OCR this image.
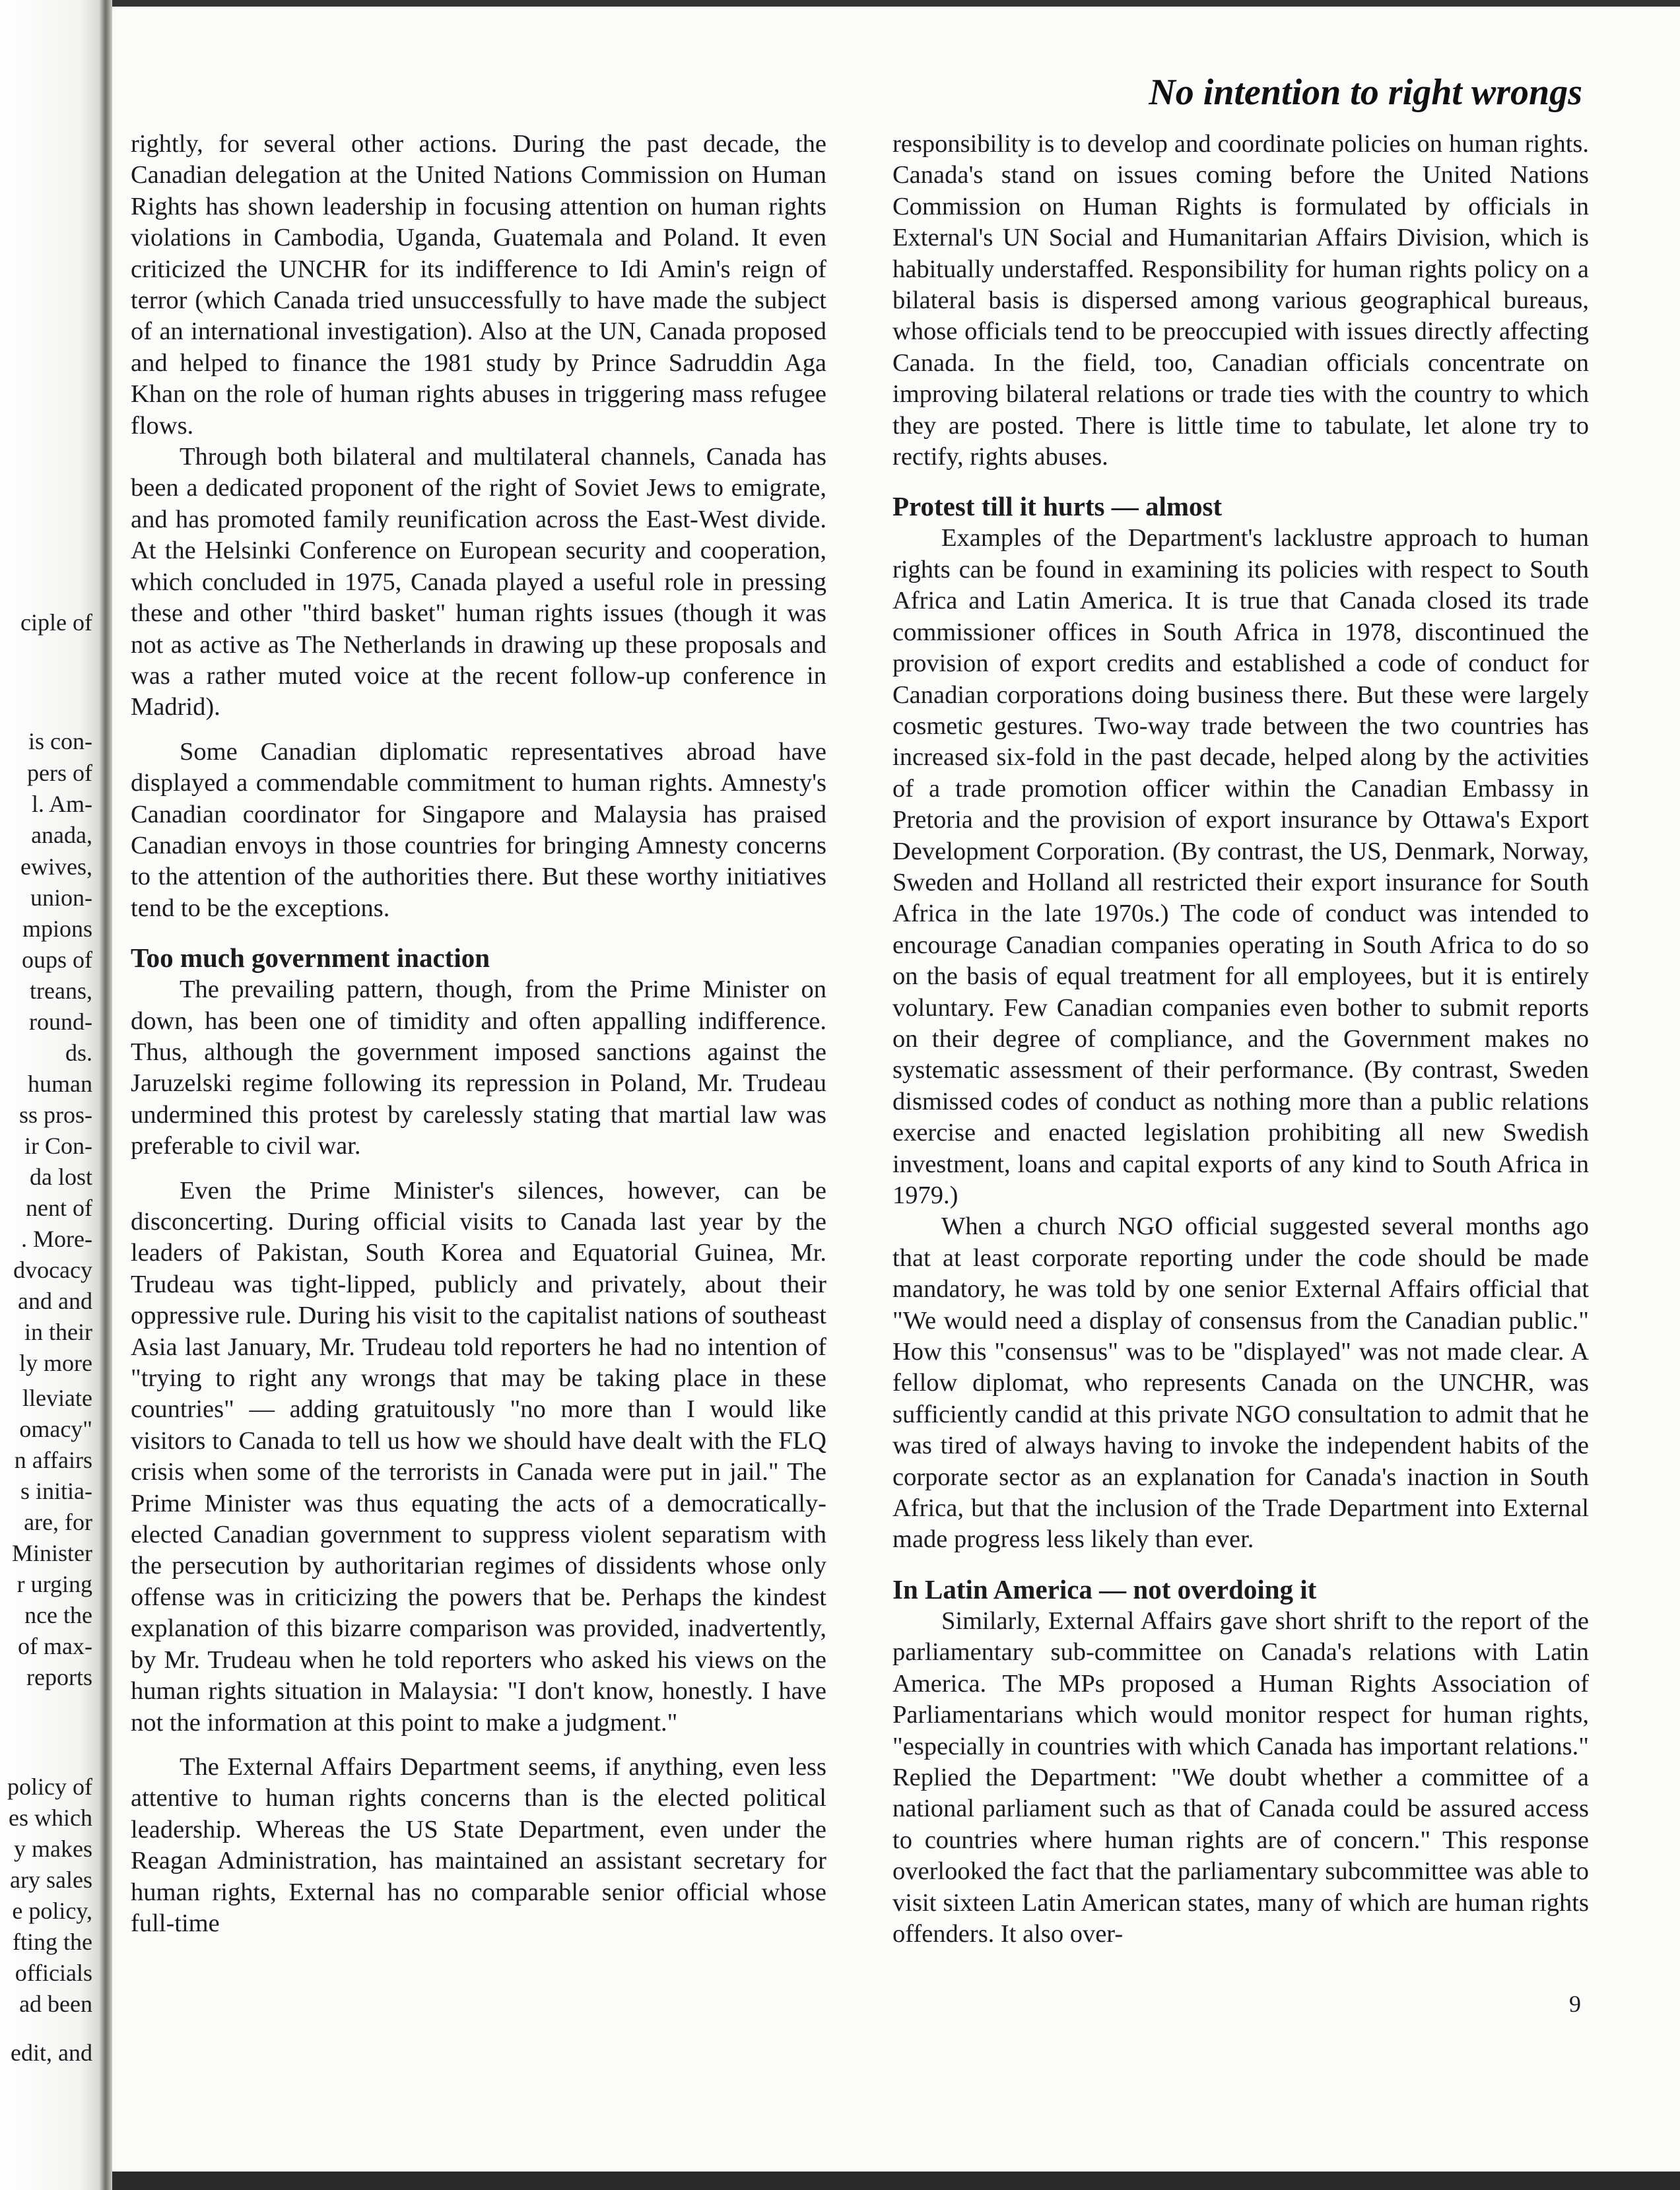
ciple of
is con-
pers of
l. Am-
anada,
ewives,
union-
mpions
oups of
treans,
round-
ds.
human
ss pros-
ir Con-
da lost
nent of
. More-
dvocacy
and and
in their
ly more
lleviate
omacy"
n affairs
s initia-
are, for
Minister
r urging
nce the
of max-
reports
policy of
es which
y makes
ary sales
e policy,
fting the
officials
ad been
edit, and
No intention to right wrongs

rightly, for several other actions. During the past decade, the Canadian delegation at the United Nations Commission on Human Rights has shown leadership in focusing attention on human rights violations in Cambodia, Uganda, Guatemala and Poland. It even criticized the UNCHR for its indifference to Idi Amin's reign of terror (which Canada tried unsuccessfully to have made the subject of an international investigation). Also at the UN, Canada proposed and helped to finance the 1981 study by Prince Sadruddin Aga Khan on the role of human rights abuses in triggering mass refugee flows.

Through both bilateral and multilateral channels, Canada has been a dedicated proponent of the right of Soviet Jews to emigrate, and has promoted family reunification across the East-West divide. At the Helsinki Conference on European security and cooperation, which concluded in 1975, Canada played a useful role in pressing these and other "third basket" human rights issues (though it was not as active as The Netherlands in drawing up these proposals and was a rather muted voice at the recent follow-up conference in Madrid).

Some Canadian diplomatic representatives abroad have displayed a commendable commitment to human rights. Amnesty's Canadian coordinator for Singapore and Malaysia has praised Canadian envoys in those countries for bringing Amnesty concerns to the attention of the authorities there. But these worthy initiatives tend to be the exceptions.

Too much government inaction

The prevailing pattern, though, from the Prime Minister on down, has been one of timidity and often appalling indifference. Thus, although the government imposed sanctions against the Jaruzelski regime following its repression in Poland, Mr. Trudeau undermined this protest by carelessly stating that martial law was preferable to civil war.

Even the Prime Minister's silences, however, can be disconcerting. During official visits to Canada last year by the leaders of Pakistan, South Korea and Equatorial Guinea, Mr. Trudeau was tight-lipped, publicly and privately, about their oppressive rule. During his visit to the capitalist nations of southeast Asia last January, Mr. Trudeau told reporters he had no intention of "trying to right any wrongs that may be taking place in these countries" — adding gratuitously "no more than I would like visitors to Canada to tell us how we should have dealt with the FLQ crisis when some of the terrorists in Canada were put in jail." The Prime Minister was thus equating the acts of a democratically-elected Canadian government to suppress violent separatism with the persecution by authoritarian regimes of dissidents whose only offense was in criticizing the powers that be. Perhaps the kindest explanation of this bizarre comparison was provided, inadvertently, by Mr. Trudeau when he told reporters who asked his views on the human rights situation in Malaysia: "I don't know, honestly. I have not the information at this point to make a judgment."

The External Affairs Department seems, if anything, even less attentive to human rights concerns than is the elected political leadership. Whereas the US State Department, even under the Reagan Administration, has maintained an assistant secretary for human rights, External has no comparable senior official whose full-time

responsibility is to develop and coordinate policies on human rights. Canada's stand on issues coming before the United Nations Commission on Human Rights is formulated by officials in External's UN Social and Humanitarian Affairs Division, which is habitually understaffed. Responsibility for human rights policy on a bilateral basis is dispersed among various geographical bureaus, whose officials tend to be preoccupied with issues directly affecting Canada. In the field, too, Canadian officials concentrate on improving bilateral relations or trade ties with the country to which they are posted. There is little time to tabulate, let alone try to rectify, rights abuses.

Protest till it hurts — almost

Examples of the Department's lacklustre approach to human rights can be found in examining its policies with respect to South Africa and Latin America. It is true that Canada closed its trade commissioner offices in South Africa in 1978, discontinued the provision of export credits and established a code of conduct for Canadian corporations doing business there. But these were largely cosmetic gestures. Two-way trade between the two countries has increased six-fold in the past decade, helped along by the activities of a trade promotion officer within the Canadian Embassy in Pretoria and the provision of export insurance by Ottawa's Export Development Corporation. (By contrast, the US, Denmark, Norway, Sweden and Holland all restricted their export insurance for South Africa in the late 1970s.) The code of conduct was intended to encourage Canadian companies operating in South Africa to do so on the basis of equal treatment for all employees, but it is entirely voluntary. Few Canadian companies even bother to submit reports on their degree of compliance, and the Government makes no systematic assessment of their performance. (By contrast, Sweden dismissed codes of conduct as nothing more than a public relations exercise and enacted legislation prohibiting all new Swedish investment, loans and capital exports of any kind to South Africa in 1979.)

When a church NGO official suggested several months ago that at least corporate reporting under the code should be made mandatory, he was told by one senior External Affairs official that "We would need a display of consensus from the Canadian public." How this "consensus" was to be "displayed" was not made clear. A fellow diplomat, who represents Canada on the UNCHR, was sufficiently candid at this private NGO consultation to admit that he was tired of always having to invoke the independent habits of the corporate sector as an explanation for Canada's inaction in South Africa, but that the inclusion of the Trade Department into External made progress less likely than ever.

In Latin America — not overdoing it

Similarly, External Affairs gave short shrift to the report of the parliamentary sub-committee on Canada's relations with Latin America. The MPs proposed a Human Rights Association of Parliamentarians which would monitor respect for human rights, "especially in countries with which Canada has important relations." Replied the Department: "We doubt whether a committee of a national parliament such as that of Canada could be assured access to countries where human rights are of concern." This response overlooked the fact that the parliamentary subcommittee was able to visit sixteen Latin American states, many of which are human rights offenders. It also over-

9
